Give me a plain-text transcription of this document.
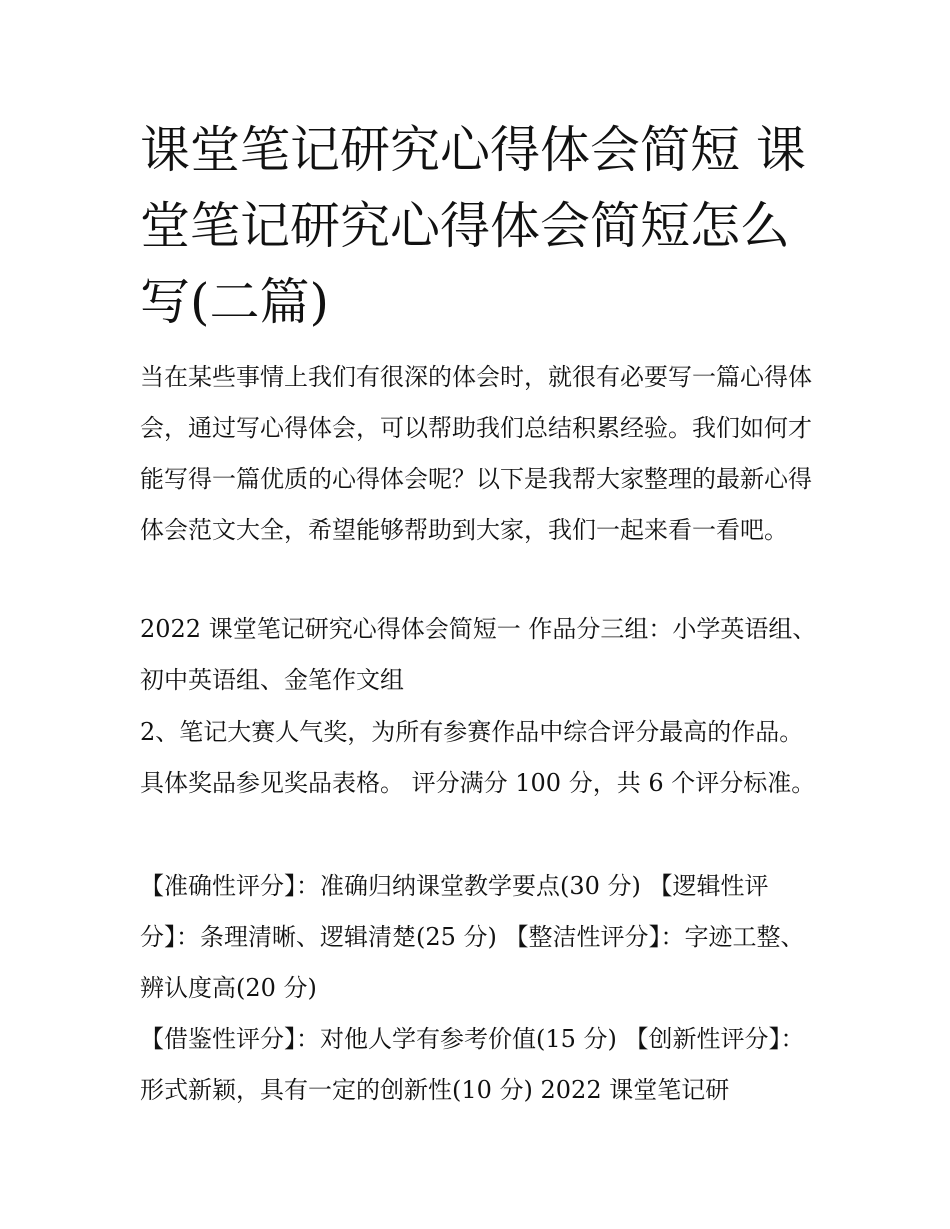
课堂笔记研究心得体会简短 课堂笔记研究心得体会简短怎么写(二篇)

当在某些事情上我们有很深的体会时，就很有必要写一篇心得体会，通过写心得体会，可以帮助我们总结积累经验。我们如何才能写得一篇优质的心得体会呢？以下是我帮大家整理的最新心得体会范文大全，希望能够帮助到大家，我们一起来看一看吧。

2022 课堂笔记研究心得体会简短一 作品分三组：小学英语组、初中英语组、金笔作文组

2、笔记大赛人气奖，为所有参赛作品中综合评分最高的作品。具体奖品参见奖品表格。 评分满分 100 分，共 6 个评分标准。

【准确性评分】：准确归纳课堂教学要点(30 分) 【逻辑性评分】：条理清晰、逻辑清楚(25 分) 【整洁性评分】：字迹工整、辨认度高(20 分)

【借鉴性评分】：对他人学有参考价值(15 分) 【创新性评分】：形式新颖，具有一定的创新性(10 分) 2022 课堂笔记研
